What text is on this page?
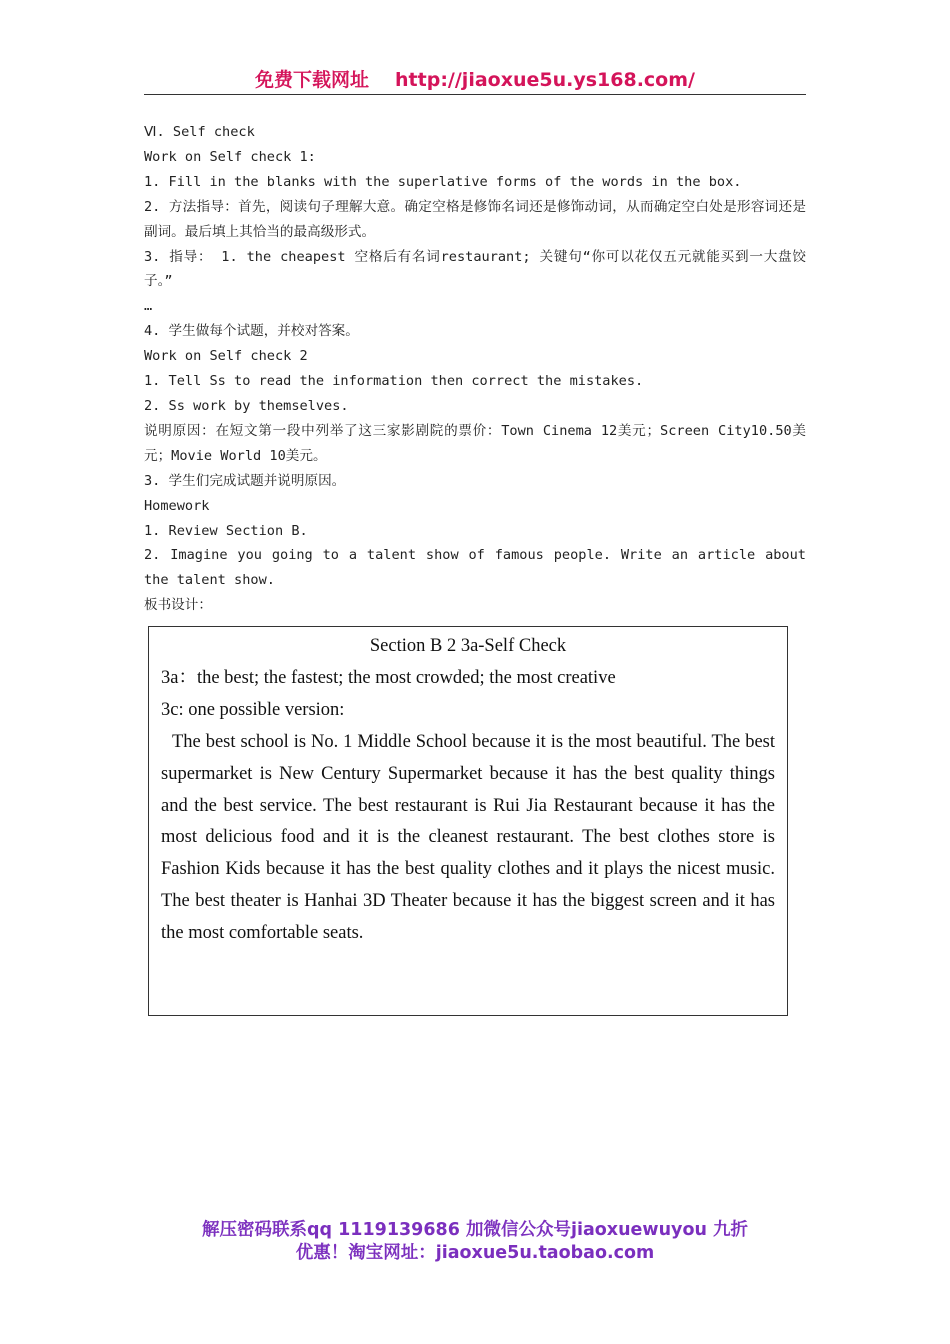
免费下载网址 http://jiaoxue5u.ys168.com/

Ⅵ. Self check

Work on Self check 1:

1. Fill in the blanks with the superlative forms of the words in the box.

2. 方法指导：首先，阅读句子理解大意。确定空格是修饰名词还是修饰动词，从而确定空白处是形容词还是副词。最后填上其恰当的最高级形式。

3. 指导： 1. the cheapest 空格后有名词restaurant; 关键句“你可以花仅五元就能买到一大盘饺子。”

…

4. 学生做每个试题，并校对答案。

Work on Self check 2

1. Tell Ss to read the information then correct the mistakes.

2. Ss work by themselves.

说明原因：在短文第一段中列举了这三家影剧院的票价：Town Cinema 12美元；Screen City10.50美元；Movie World 10美元。

3. 学生们完成试题并说明原因。

Homework

1. Review Section B.

2. Imagine you going to a talent show of famous people. Write an article about the talent show.

板书设计：

Section B 2 3a-Self Check

3a：the best; the fastest; the most crowded; the most creative

3c: one possible version:

The best school is No. 1 Middle School because it is the most beautiful. The best supermarket is New Century Supermarket because it has the best quality things and the best service. The best restaurant is Rui Jia Restaurant because it has the most delicious food and it is the cleanest restaurant. The best clothes store is Fashion Kids because it has the best quality clothes and it plays the nicest music. The best theater is Hanhai 3D Theater because it has the biggest screen and it has the most comfortable seats.

解压密码联系qq 1119139686 加微信公众号jiaoxuewuyou 九折
优惠！淘宝网址：jiaoxue5u.taobao.com
